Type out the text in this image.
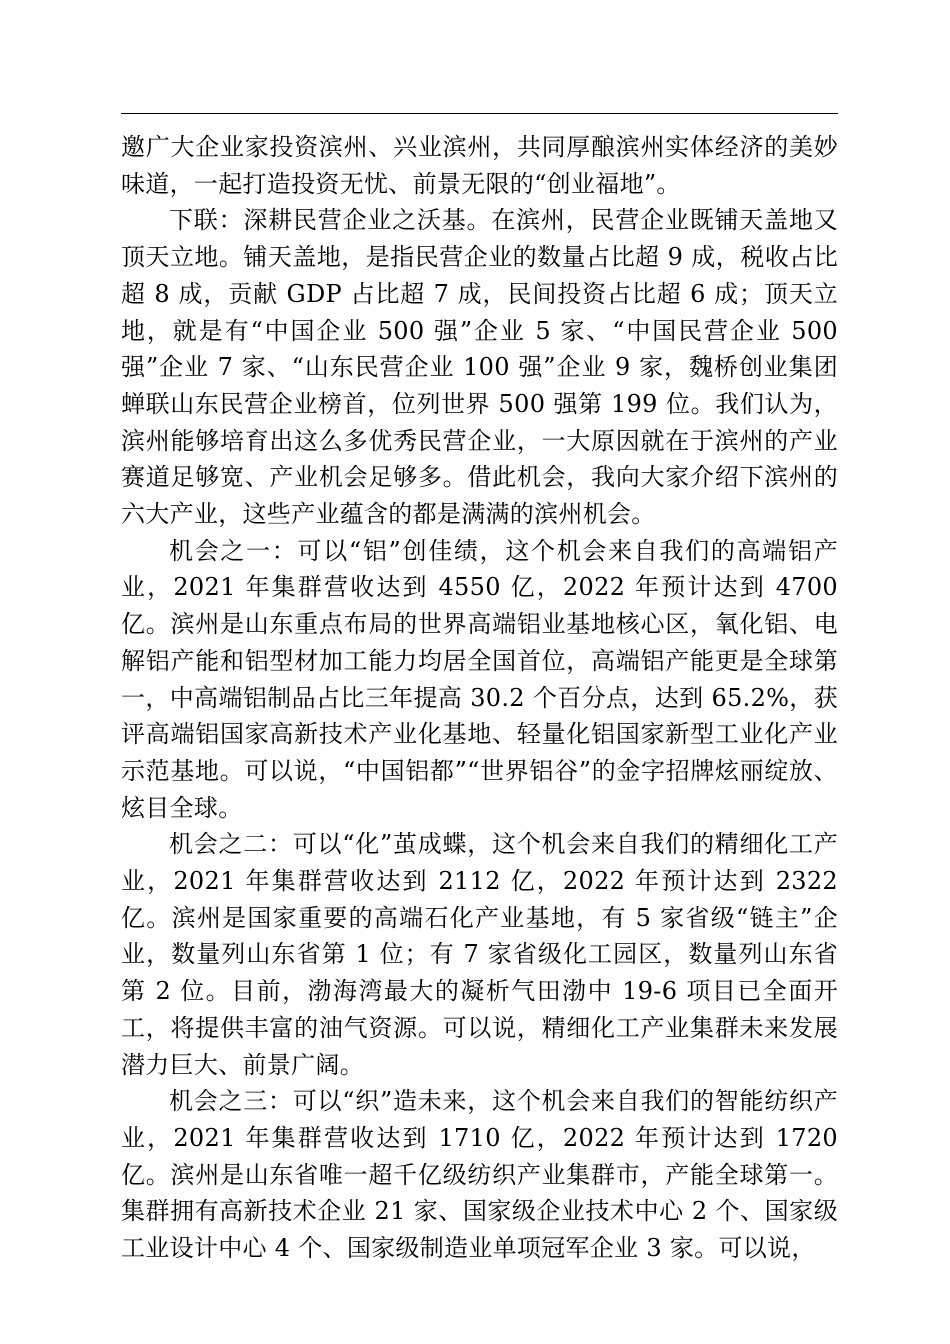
邀广大企业家投资滨州、兴业滨州，共同厚酿滨州实体经济的美妙味道，一起打造投资无忧、前景无限的“创业福地”。

下联：深耕民营企业之沃基。在滨州，民营企业既铺天盖地又顶天立地。铺天盖地，是指民营企业的数量占比超 9 成，税收占比超 8 成，贡献 GDP 占比超 7 成，民间投资占比超 6 成；顶天立地，就是有“中国企业 500 强”企业 5 家、“中国民营企业 500 强”企业 7 家、“山东民营企业 100 强”企业 9 家，魏桥创业集团蝉联山东民营企业榜首，位列世界 500 强第 199 位。我们认为，滨州能够培育出这么多优秀民营企业，一大原因就在于滨州的产业赛道足够宽、产业机会足够多。借此机会，我向大家介绍下滨州的六大产业，这些产业蕴含的都是满满的滨州机会。

机会之一：可以“铝”创佳绩，这个机会来自我们的高端铝产业，2021 年集群营收达到 4550 亿，2022 年预计达到 4700 亿。滨州是山东重点布局的世界高端铝业基地核心区，氧化铝、电解铝产能和铝型材加工能力均居全国首位，高端铝产能更是全球第一，中高端铝制品占比三年提高 30.2 个百分点，达到 65.2%，获评高端铝国家高新技术产业化基地、轻量化铝国家新型工业化产业示范基地。可以说，“中国铝都”“世界铝谷”的金字招牌炫丽绽放、炫目全球。

机会之二：可以“化”茧成蝶，这个机会来自我们的精细化工产业，2021 年集群营收达到 2112 亿，2022 年预计达到 2322 亿。滨州是国家重要的高端石化产业基地，有 5 家省级“链主”企业，数量列山东省第 1 位；有 7 家省级化工园区，数量列山东省第 2 位。目前，渤海湾最大的凝析气田渤中 19-6 项目已全面开工，将提供丰富的油气资源。可以说，精细化工产业集群未来发展潜力巨大、前景广阔。

机会之三：可以“织”造未来，这个机会来自我们的智能纺织产业，2021 年集群营收达到 1710 亿，2022 年预计达到 1720 亿。滨州是山东省唯一超千亿级纺织产业集群市，产能全球第一。集群拥有高新技术企业 21 家、国家级企业技术中心 2 个、国家级工业设计中心 4 个、国家级制造业单项冠军企业 3 家。可以说，
